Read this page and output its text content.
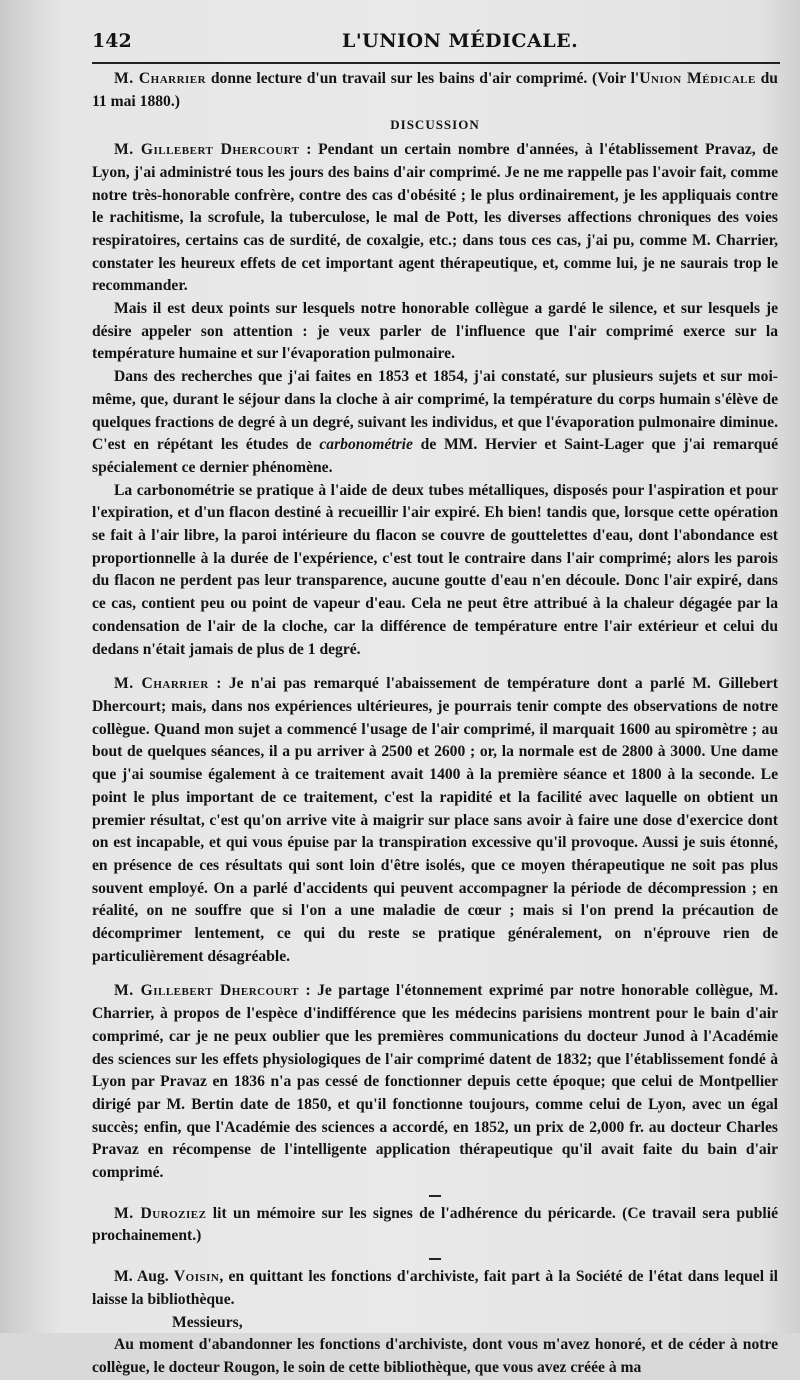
142	L'UNION MÉDICALE.

M. Charrier donne lecture d'un travail sur les bains d'air comprimé. (Voir l'Union Médicale du 11 mai 1880.)

DISCUSSION

M. Gillebert Dhercourt : Pendant un certain nombre d'années, à l'établissement Pravaz, de Lyon, j'ai administré tous les jours des bains d'air comprimé. Je ne me rappelle pas l'avoir fait, comme notre très-honorable confrère, contre des cas d'obésité ; le plus ordinairement, je les appliquais contre le rachitisme, la scrofule, la tuberculose, le mal de Pott, les diverses affections chroniques des voies respiratoires, certains cas de surdité, de coxalgie, etc.; dans tous ces cas, j'ai pu, comme M. Charrier, constater les heureux effets de cet important agent thérapeutique, et, comme lui, je ne saurais trop le recommander.

Mais il est deux points sur lesquels notre honorable collègue a gardé le silence, et sur lesquels je désire appeler son attention : je veux parler de l'influence que l'air comprimé exerce sur la température humaine et sur l'évaporation pulmonaire.

Dans des recherches que j'ai faites en 1853 et 1854, j'ai constaté, sur plusieurs sujets et sur moi-même, que, durant le séjour dans la cloche à air comprimé, la température du corps humain s'élève de quelques fractions de degré à un degré, suivant les individus, et que l'évaporation pulmonaire diminue. C'est en répétant les études de carbonométrie de MM. Hervier et Saint-Lager que j'ai remarqué spécialement ce dernier phénomène.

La carbonométrie se pratique à l'aide de deux tubes métalliques, disposés pour l'aspiration et pour l'expiration, et d'un flacon destiné à recueillir l'air expiré. Eh bien! tandis que, lorsque cette opération se fait à l'air libre, la paroi intérieure du flacon se couvre de gouttelettes d'eau, dont l'abondance est proportionnelle à la durée de l'expérience, c'est tout le contraire dans l'air comprimé; alors les parois du flacon ne perdent pas leur transparence, aucune goutte d'eau n'en découle. Donc l'air expiré, dans ce cas, contient peu ou point de vapeur d'eau. Cela ne peut être attribué à la chaleur dégagée par la condensation de l'air de la cloche, car la différence de température entre l'air extérieur et celui du dedans n'était jamais de plus de 1 degré.

M. Charrier : Je n'ai pas remarqué l'abaissement de température dont a parlé M. Gillebert Dhercourt; mais, dans nos expériences ultérieures, je pourrais tenir compte des observations de notre collègue. Quand mon sujet a commencé l'usage de l'air comprimé, il marquait 1600 au spiromètre ; au bout de quelques séances, il a pu arriver à 2500 et 2600 ; or, la normale est de 2800 à 3000. Une dame que j'ai soumise également à ce traitement avait 1400 à la première séance et 1800 à la seconde. Le point le plus important de ce traitement, c'est la rapidité et la facilité avec laquelle on obtient un premier résultat, c'est qu'on arrive vite à maigrir sur place sans avoir à faire une dose d'exercice dont on est incapable, et qui vous épuise par la transpiration excessive qu'il provoque. Aussi je suis étonné, en présence de ces résultats qui sont loin d'être isolés, que ce moyen thérapeutique ne soit pas plus souvent employé. On a parlé d'accidents qui peuvent accompagner la période de décompression ; en réalité, on ne souffre que si l'on a une maladie de cœur ; mais si l'on prend la précaution de décomprimer lentement, ce qui du reste se pratique généralement, on n'éprouve rien de particulièrement désagréable.

M. Gillebert Dhercourt : Je partage l'étonnement exprimé par notre honorable collègue, M. Charrier, à propos de l'espèce d'indifférence que les médecins parisiens montrent pour le bain d'air comprimé, car je ne peux oublier que les premières communications du docteur Junod à l'Académie des sciences sur les effets physiologiques de l'air comprimé datent de 1832; que l'établissement fondé à Lyon par Pravaz en 1836 n'a pas cessé de fonctionner depuis cette époque; que celui de Montpellier dirigé par M. Bertin date de 1850, et qu'il fonctionne toujours, comme celui de Lyon, avec un égal succès; enfin, que l'Académie des sciences a accordé, en 1852, un prix de 2,000 fr. au docteur Charles Pravaz en récompense de l'intelligente application thérapeutique qu'il avait faite du bain d'air comprimé.

M. Duroziez lit un mémoire sur les signes de l'adhérence du péricarde. (Ce travail sera publié prochainement.)

M. Aug. Voisin, en quittant les fonctions d'archiviste, fait part à la Société de l'état dans lequel il laisse la bibliothèque.

Messieurs,

Au moment d'abandonner les fonctions d'archiviste, dont vous m'avez honoré, et de céder à notre collègue, le docteur Rougon, le soin de cette bibliothèque, que vous avez créée à ma
